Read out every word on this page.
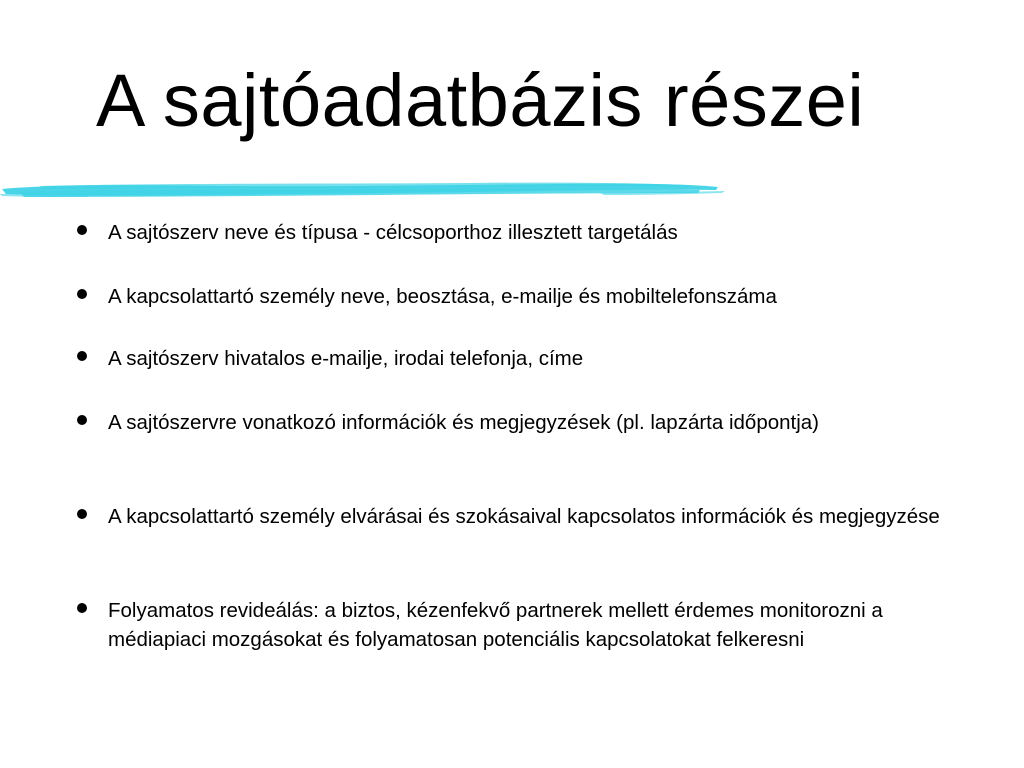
A sajtóadatbázis részei
A sajtószerv neve és típusa - célcsoporthoz illesztett targetálás
A kapcsolattartó személy neve, beosztása, e-mailje és mobiltelefonszáma
A sajtószerv hivatalos e-mailje, irodai telefonja, címe
A sajtószervre vonatkozó információk és megjegyzések (pl. lapzárta időpontja)
A kapcsolattartó személy elvárásai és szokásaival kapcsolatos információk és megjegyzése
Folyamatos revideálás: a biztos, kézenfekvő partnerek mellett érdemes monitorozni a médiapiaci mozgásokat és folyamatosan potenciális kapcsolatokat felkeresni
